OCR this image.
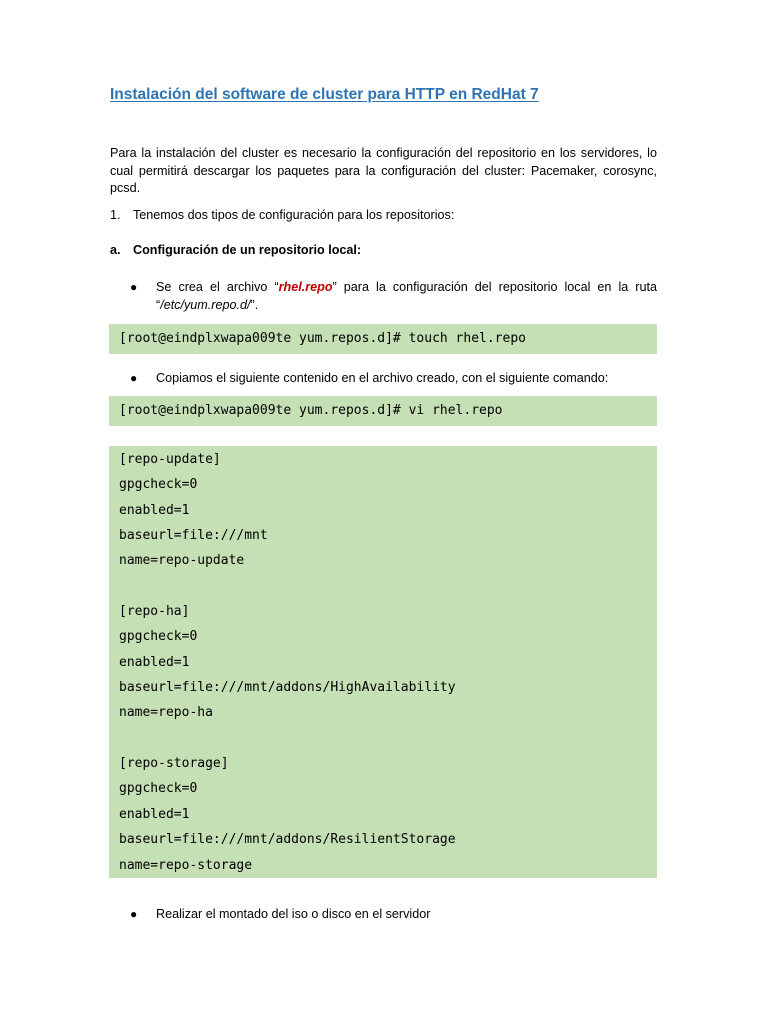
Instalación del software de cluster para HTTP en RedHat 7

Para la instalación del cluster es necesario la configuración del repositorio en los servidores, lo cual permitirá descargar los paquetes para la configuración del cluster: Pacemaker, corosync, pcsd.

1. Tenemos dos tipos de configuración para los repositorios:
a. Configuración de un repositorio local:
● Se crea el archivo “rhel.repo” para la configuración del repositorio local en la ruta “/etc/yum.repo.d/”.
[root@eindplxwapa009te yum.repos.d]# touch rhel.repo
● Copiamos el siguiente contenido en el archivo creado, con el siguiente comando:
[root@eindplxwapa009te yum.repos.d]# vi rhel.repo
[repo-update]
gpgcheck=0
enabled=1
baseurl=file:///mnt
name=repo-update
[repo-ha]
gpgcheck=0
enabled=1
baseurl=file:///mnt/addons/HighAvailability
name=repo-ha
[repo-storage]
gpgcheck=0
enabled=1
baseurl=file:///mnt/addons/ResilientStorage
name=repo-storage
● Realizar el montado del iso o disco en el servidor
